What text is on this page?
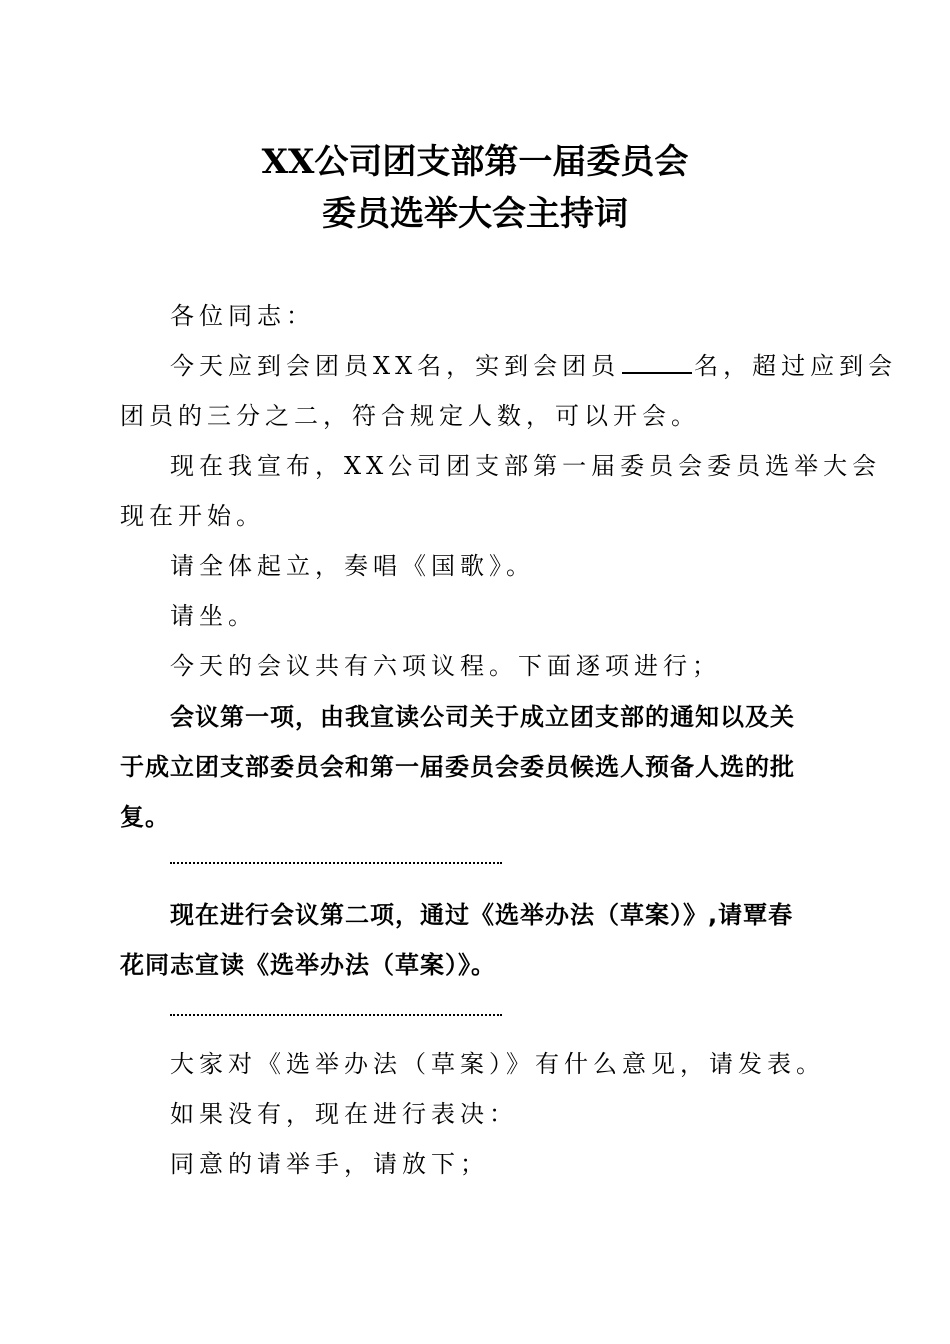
XX公司团支部第一届委员会
委员选举大会主持词
各位同志：
今天应到会团员XX名，实到会团员	名，超过应到会
团员的三分之二，符合规定人数，可以开会。
现在我宣布，XX公司团支部第一届委员会委员选举大会
现在开始。
请全体起立，奏唱《国歌》。
请坐。
今天的会议共有六项议程。下面逐项进行；
会议第一项，由我宣读公司关于成立团支部的通知以及关
于成立团支部委员会和第一届委员会委员候选人预备人选的批
复。
现在进行会议第二项，通过《选举办法（草案）》,请覃春
花同志宣读《选举办法（草案）》。
大家对《选举办法（草案）》有什么意见，请发表。
如果没有，现在进行表决：
同意的请举手，请放下；
